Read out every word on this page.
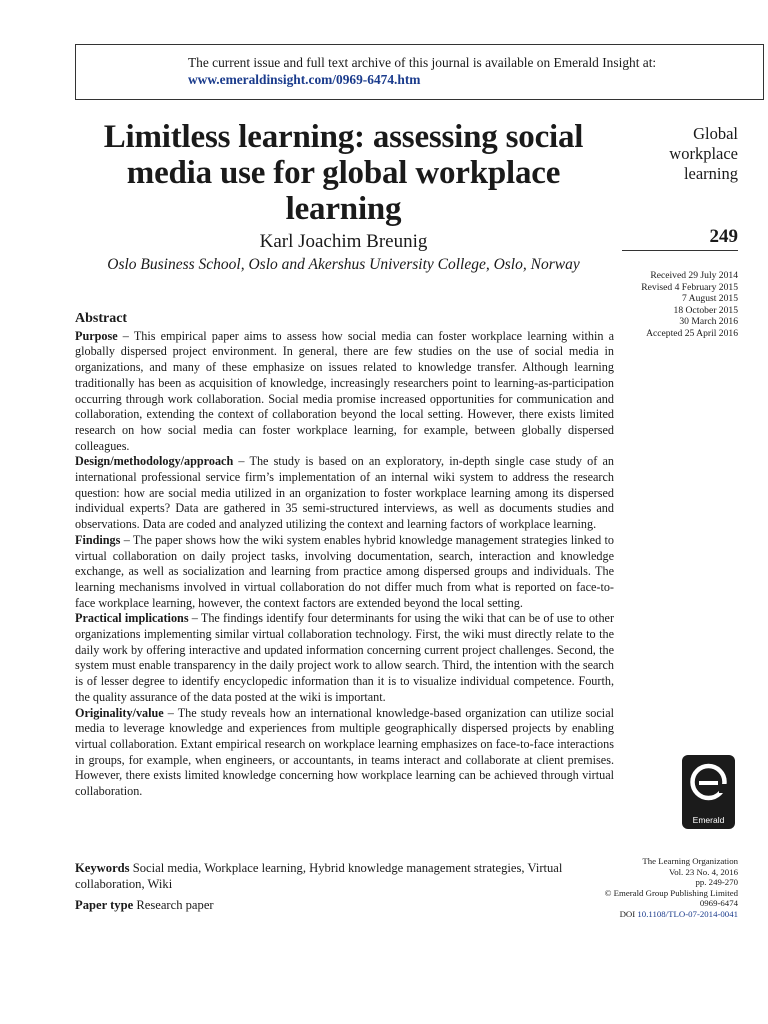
The current issue and full text archive of this journal is available on Emerald Insight at:
www.emeraldinsight.com/0969-6474.htm
Limitless learning: assessing social media use for global workplace learning
Karl Joachim Breunig
Oslo Business School, Oslo and Akershus University College, Oslo, Norway
Global
workplace
learning
249
Received 29 July 2014
Revised 4 February 2015
7 August 2015
18 October 2015
30 March 2016
Accepted 25 April 2016
Abstract

Purpose – This empirical paper aims to assess how social media can foster workplace learning within a globally dispersed project environment. In general, there are few studies on the use of social media in organizations, and many of these emphasize on issues related to knowledge transfer. Although learning traditionally has been as acquisition of knowledge, increasingly researchers point to learning-as-participation occurring through work collaboration. Social media promise increased opportunities for communication and collaboration, extending the context of collaboration beyond the local setting. However, there exists limited research on how social media can foster workplace learning, for example, between globally dispersed colleagues.

Design/methodology/approach – The study is based on an exploratory, in-depth single case study of an international professional service firm’s implementation of an internal wiki system to address the research question: how are social media utilized in an organization to foster workplace learning among its dispersed individual experts? Data are gathered in 35 semi-structured interviews, as well as documents studies and observations. Data are coded and analyzed utilizing the context and learning factors of workplace learning.

Findings – The paper shows how the wiki system enables hybrid knowledge management strategies linked to virtual collaboration on daily project tasks, involving documentation, search, interaction and knowledge exchange, as well as socialization and learning from practice among dispersed groups and individuals. The learning mechanisms involved in virtual collaboration do not differ much from what is reported on face-to-face workplace learning, however, the context factors are extended beyond the local setting.

Practical implications – The findings identify four determinants for using the wiki that can be of use to other organizations implementing similar virtual collaboration technology. First, the wiki must directly relate to the daily work by offering interactive and updated information concerning current project challenges. Second, the system must enable transparency in the daily project work to allow search. Third, the intention with the search is of lesser degree to identify encyclopedic information than it is to visualize individual competence. Fourth, the quality assurance of the data posted at the wiki is important.

Originality/value – The study reveals how an international knowledge-based organization can utilize social media to leverage knowledge and experiences from multiple geographically dispersed projects by enabling virtual collaboration. Extant empirical research on workplace learning emphasizes on face-to-face interactions in groups, for example, when engineers, or accountants, in teams interact and collaborate at client premises. However, there exists limited knowledge concerning how workplace learning can be achieved through virtual collaboration.

Keywords Social media, Workplace learning, Hybrid knowledge management strategies, Virtual collaboration, Wiki
Paper type Research paper
Emerald
The Learning Organization
Vol. 23 No. 4, 2016
pp. 249-270
© Emerald Group Publishing Limited
0969-6474
DOI 10.1108/TLO-07-2014-0041
